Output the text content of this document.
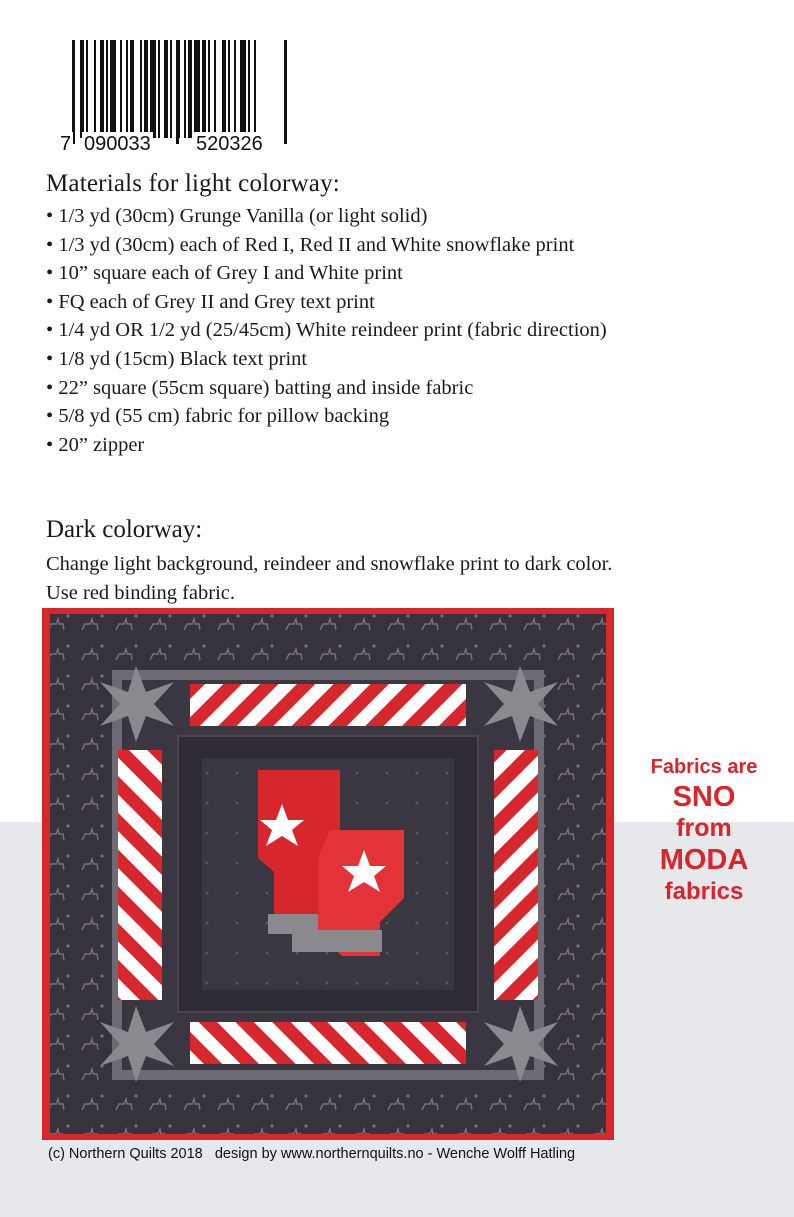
7 090033 520326
Materials for light colorway:
• 1/3 yd (30cm) Grunge Vanilla (or light solid)
• 1/3 yd (30cm) each of Red I, Red II and White snowflake print
• 10” square each of Grey I and White print
• FQ each of Grey II and Grey text print
• 1/4 yd OR 1/2 yd (25/45cm) White reindeer print (fabric direction)
• 1/8 yd (15cm) Black text print
• 22” square (55cm square) batting and inside fabric
• 5/8 yd (55 cm) fabric for pillow backing
• 20” zipper
Dark colorway:
Change light background, reindeer and snowflake print to dark color.
Use red binding fabric.
Fabrics are
SNO
from
MODA
fabrics
(c) Northern Quilts 2018   design by www.northernquilts.no - Wenche Wolff Hatling
